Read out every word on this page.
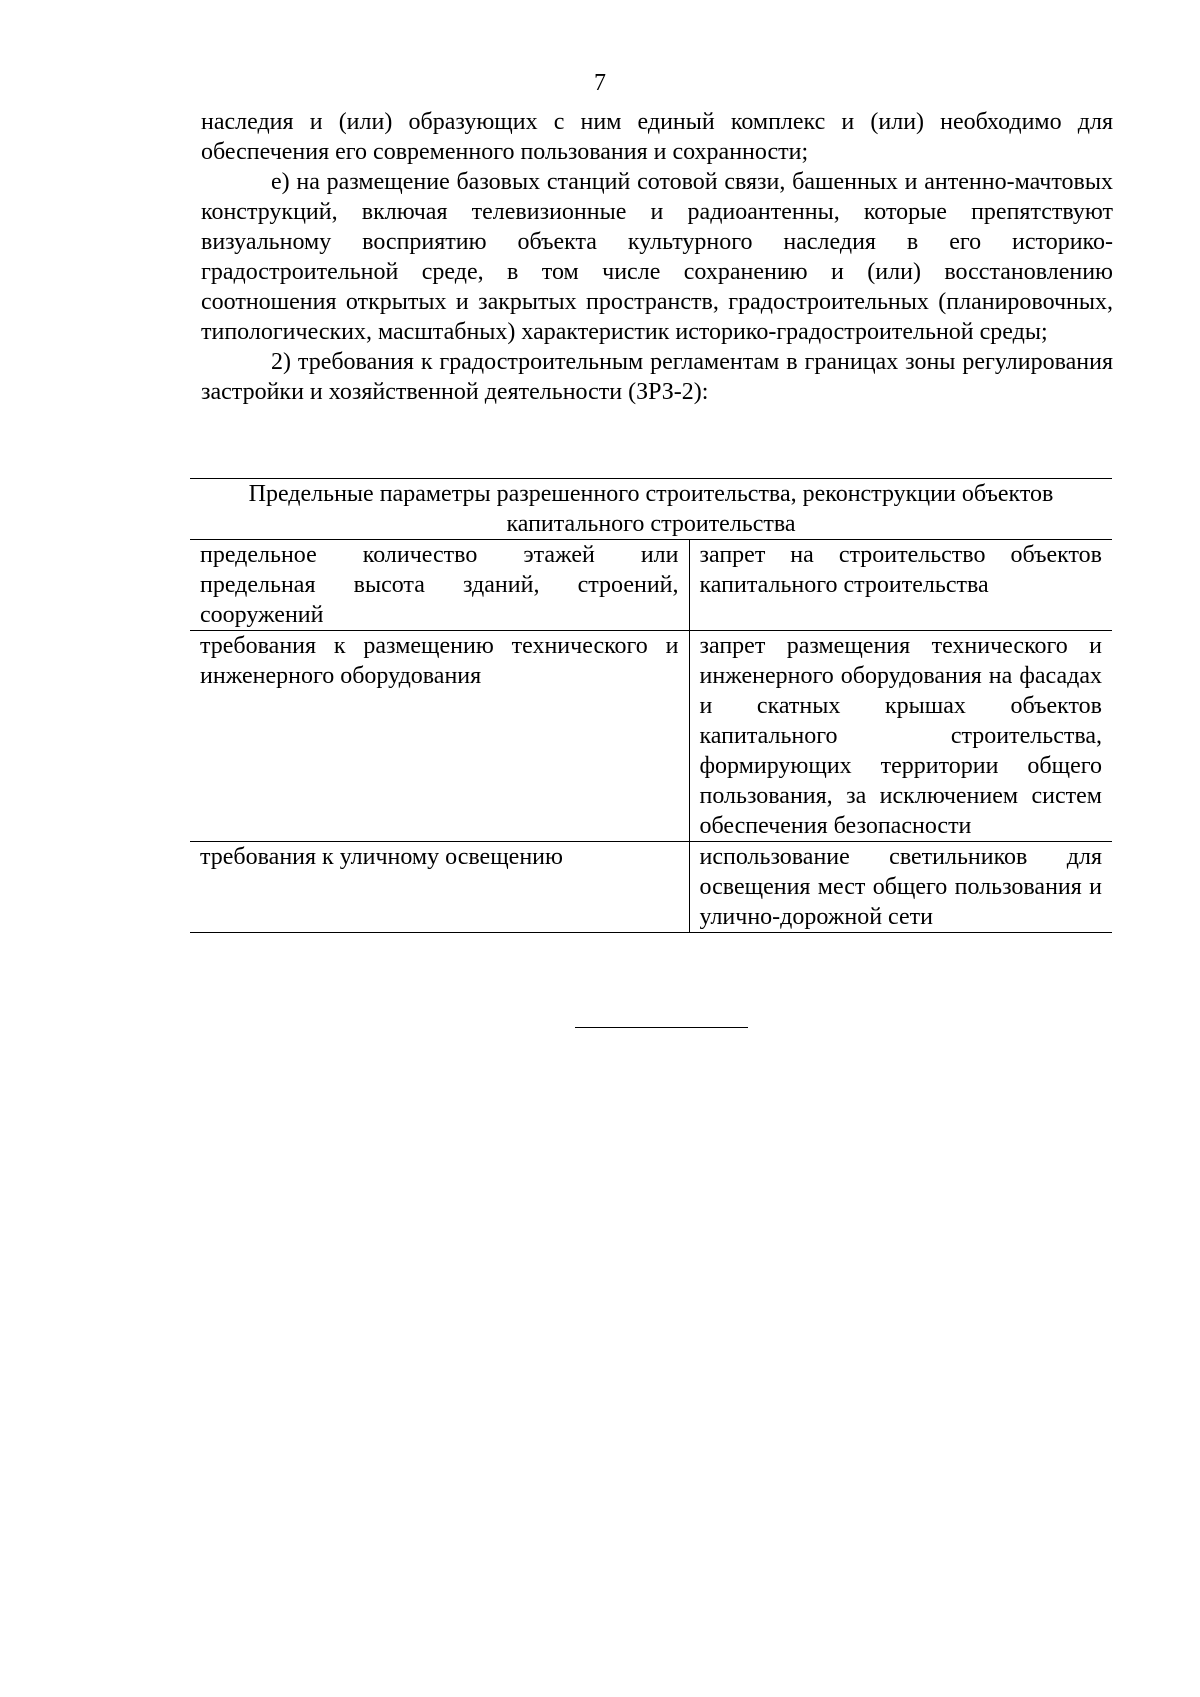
7

наследия и (или) образующих с ним единый комплекс и (или) необходимо для обеспечения его современного пользования и сохранности;

е) на размещение базовых станций сотовой связи, башенных и антенно-мачтовых конструкций, включая телевизионные и радиоантенны, которые препятствуют визуальному восприятию объекта культурного наследия в его историко-градостроительной среде, в том числе сохранению и (или) восстановлению соотношения открытых и закрытых пространств, градостроительных (планировочных, типологических, масштабных) характеристик историко-градостроительной среды;

2) требования к градостроительным регламентам в границах зоны регулирования застройки и хозяйственной деятельности (ЗРЗ-2):

Предельные параметры разрешенного строительства, реконструкции объектов капитального строительства	
предельное количество этажей или предельная высота зданий, строений, сооружений	запрет на строительство объектов капитального строительства
требования к размещению технического и инженерного оборудования	запрет размещения технического и инженерного оборудования на фасадах и скатных крышах объектов капитального строительства, формирующих территории общего пользования, за исключением систем обеспечения безопасности
требования к уличному освещению	использование светильников для освещения мест общего пользования и улично-дорожной сети
